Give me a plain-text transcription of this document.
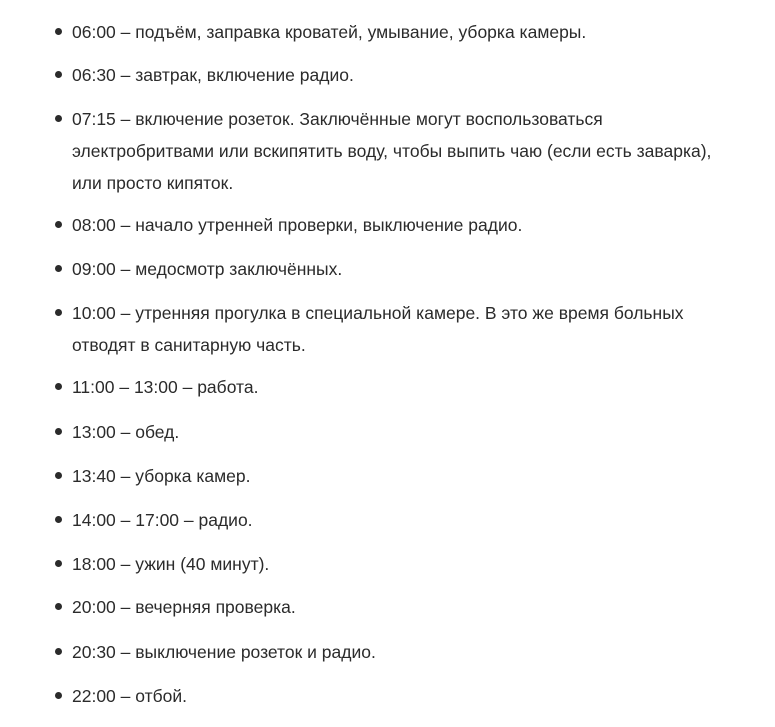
06:00 – подъём, заправка кроватей, умывание, уборка камеры.
06:30 – завтрак, включение радио.
07:15 – включение розеток. Заключённые могут воспользоваться
электробритвами или вскипятить воду, чтобы выпить чаю (если есть заварка),
или просто кипяток.
08:00 – начало утренней проверки, выключение радио.
09:00 – медосмотр заключённых.
10:00 – утренняя прогулка в специальной камере. В это же время больных
отводят в санитарную часть.
11:00 – 13:00 – работа.
13:00 – обед.
13:40 – уборка камер.
14:00 – 17:00 – радио.
18:00 – ужин (40 минут).
20:00 – вечерняя проверка.
20:30 – выключение розеток и радио.
22:00 – отбой.
